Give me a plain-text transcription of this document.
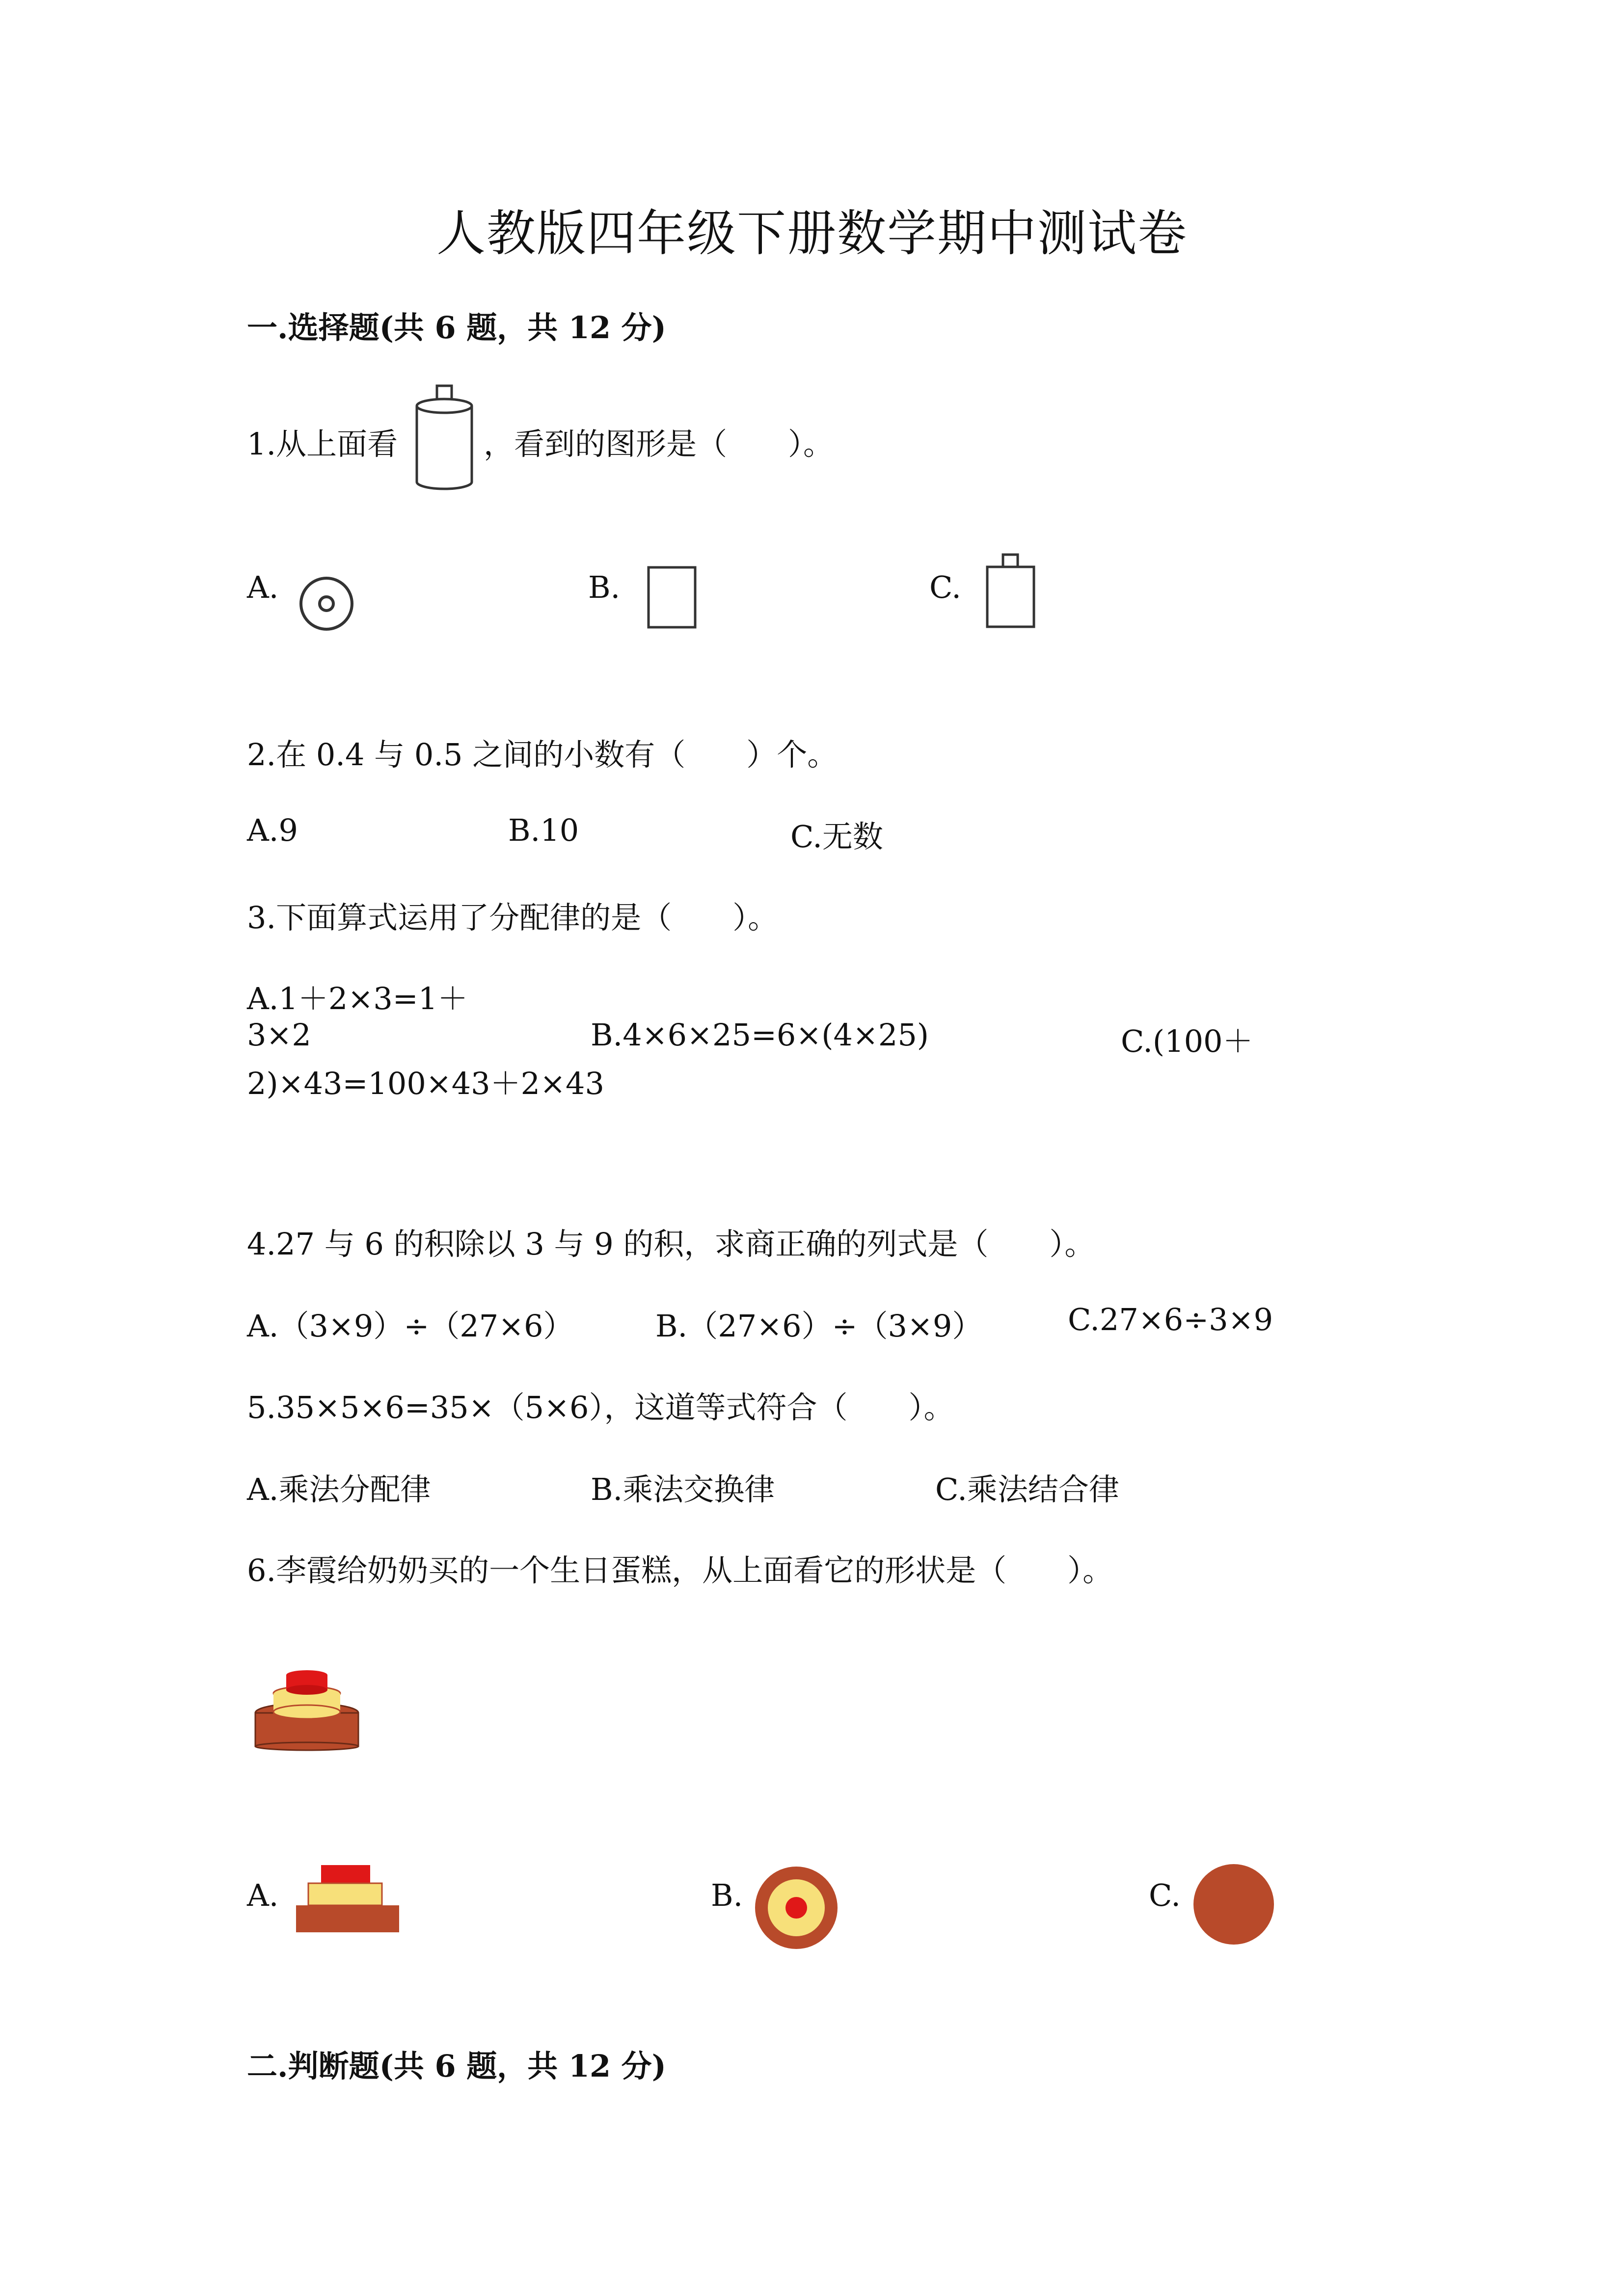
人教版四年级下册数学期中测试卷
一.选择题(共 6 题，共 12 分)
1.从上面看	，看到的图形是（　　）。
A.	B.	C.
2.在 0.4 与 0.5 之间的小数有（　　）个。
A.9	B.10	C.无数
3.下面算式运用了分配律的是（　　）。
A.1＋2×3=1＋
3×2	B.4×6×25=6×(4×25)	C.(100＋
2)×43=100×43＋2×43
4.27 与 6 的积除以 3 与 9 的积，求商正确的列式是（　　）。
A.（3×9）÷（27×6）	B.（27×6）÷（3×9）	C.27×6÷3×9
5.35×5×6=35×（5×6），这道等式符合（　　）。
A.乘法分配律	B.乘法交换律	C.乘法结合律
6.李霞给奶奶买的一个生日蛋糕，从上面看它的形状是（　　）。
A.	B.	C.
二.判断题(共 6 题，共 12 分)
